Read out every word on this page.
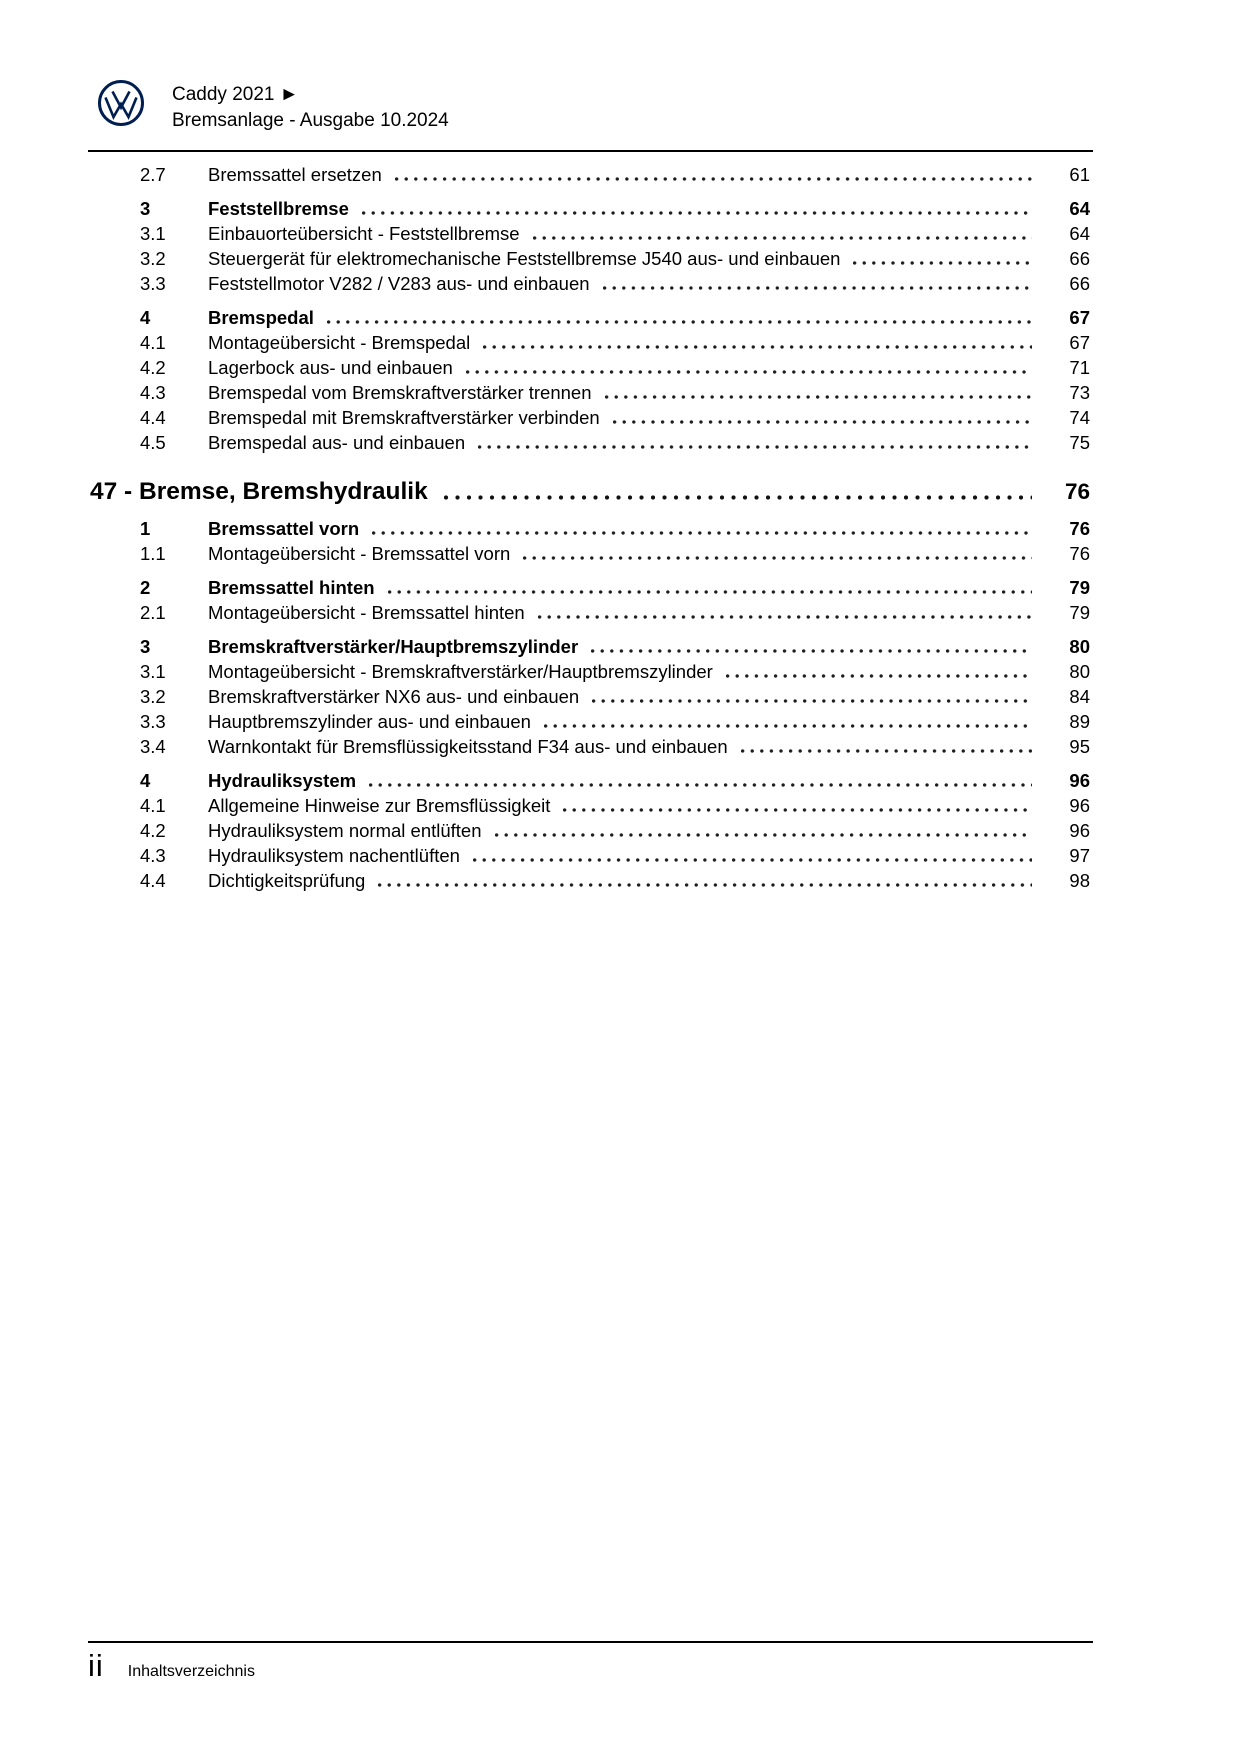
Caddy 2021 ►
Bremsanlage - Ausgabe 10.2024
2.7	Bremssattel ersetzen	61
3	Feststellbremse	64
3.1	Einbauorteübersicht - Feststellbremse	64
3.2	Steuergerät für elektromechanische Feststellbremse J540 aus- und einbauen	66
3.3	Feststellmotor V282 / V283 aus- und einbauen	66
4	Bremspedal	67
4.1	Montageübersicht - Bremspedal	67
4.2	Lagerbock aus- und einbauen	71
4.3	Bremspedal vom Bremskraftverstärker trennen	73
4.4	Bremspedal mit Bremskraftverstärker verbinden	74
4.5	Bremspedal aus- und einbauen	75
47 - Bremse, Bremshydraulik	76
1	Bremssattel vorn	76
1.1	Montageübersicht - Bremssattel vorn	76
2	Bremssattel hinten	79
2.1	Montageübersicht - Bremssattel hinten	79
3	Bremskraftverstärker/Hauptbremszylinder	80
3.1	Montageübersicht - Bremskraftverstärker/Hauptbremszylinder	80
3.2	Bremskraftverstärker NX6 aus- und einbauen	84
3.3	Hauptbremszylinder aus- und einbauen	89
3.4	Warnkontakt für Bremsflüssigkeitsstand F34 aus- und einbauen	95
4	Hydrauliksystem	96
4.1	Allgemeine Hinweise zur Bremsflüssigkeit	96
4.2	Hydrauliksystem normal entlüften	96
4.3	Hydrauliksystem nachentlüften	97
4.4	Dichtigkeitsprüfung	98
ii Inhaltsverzeichnis
